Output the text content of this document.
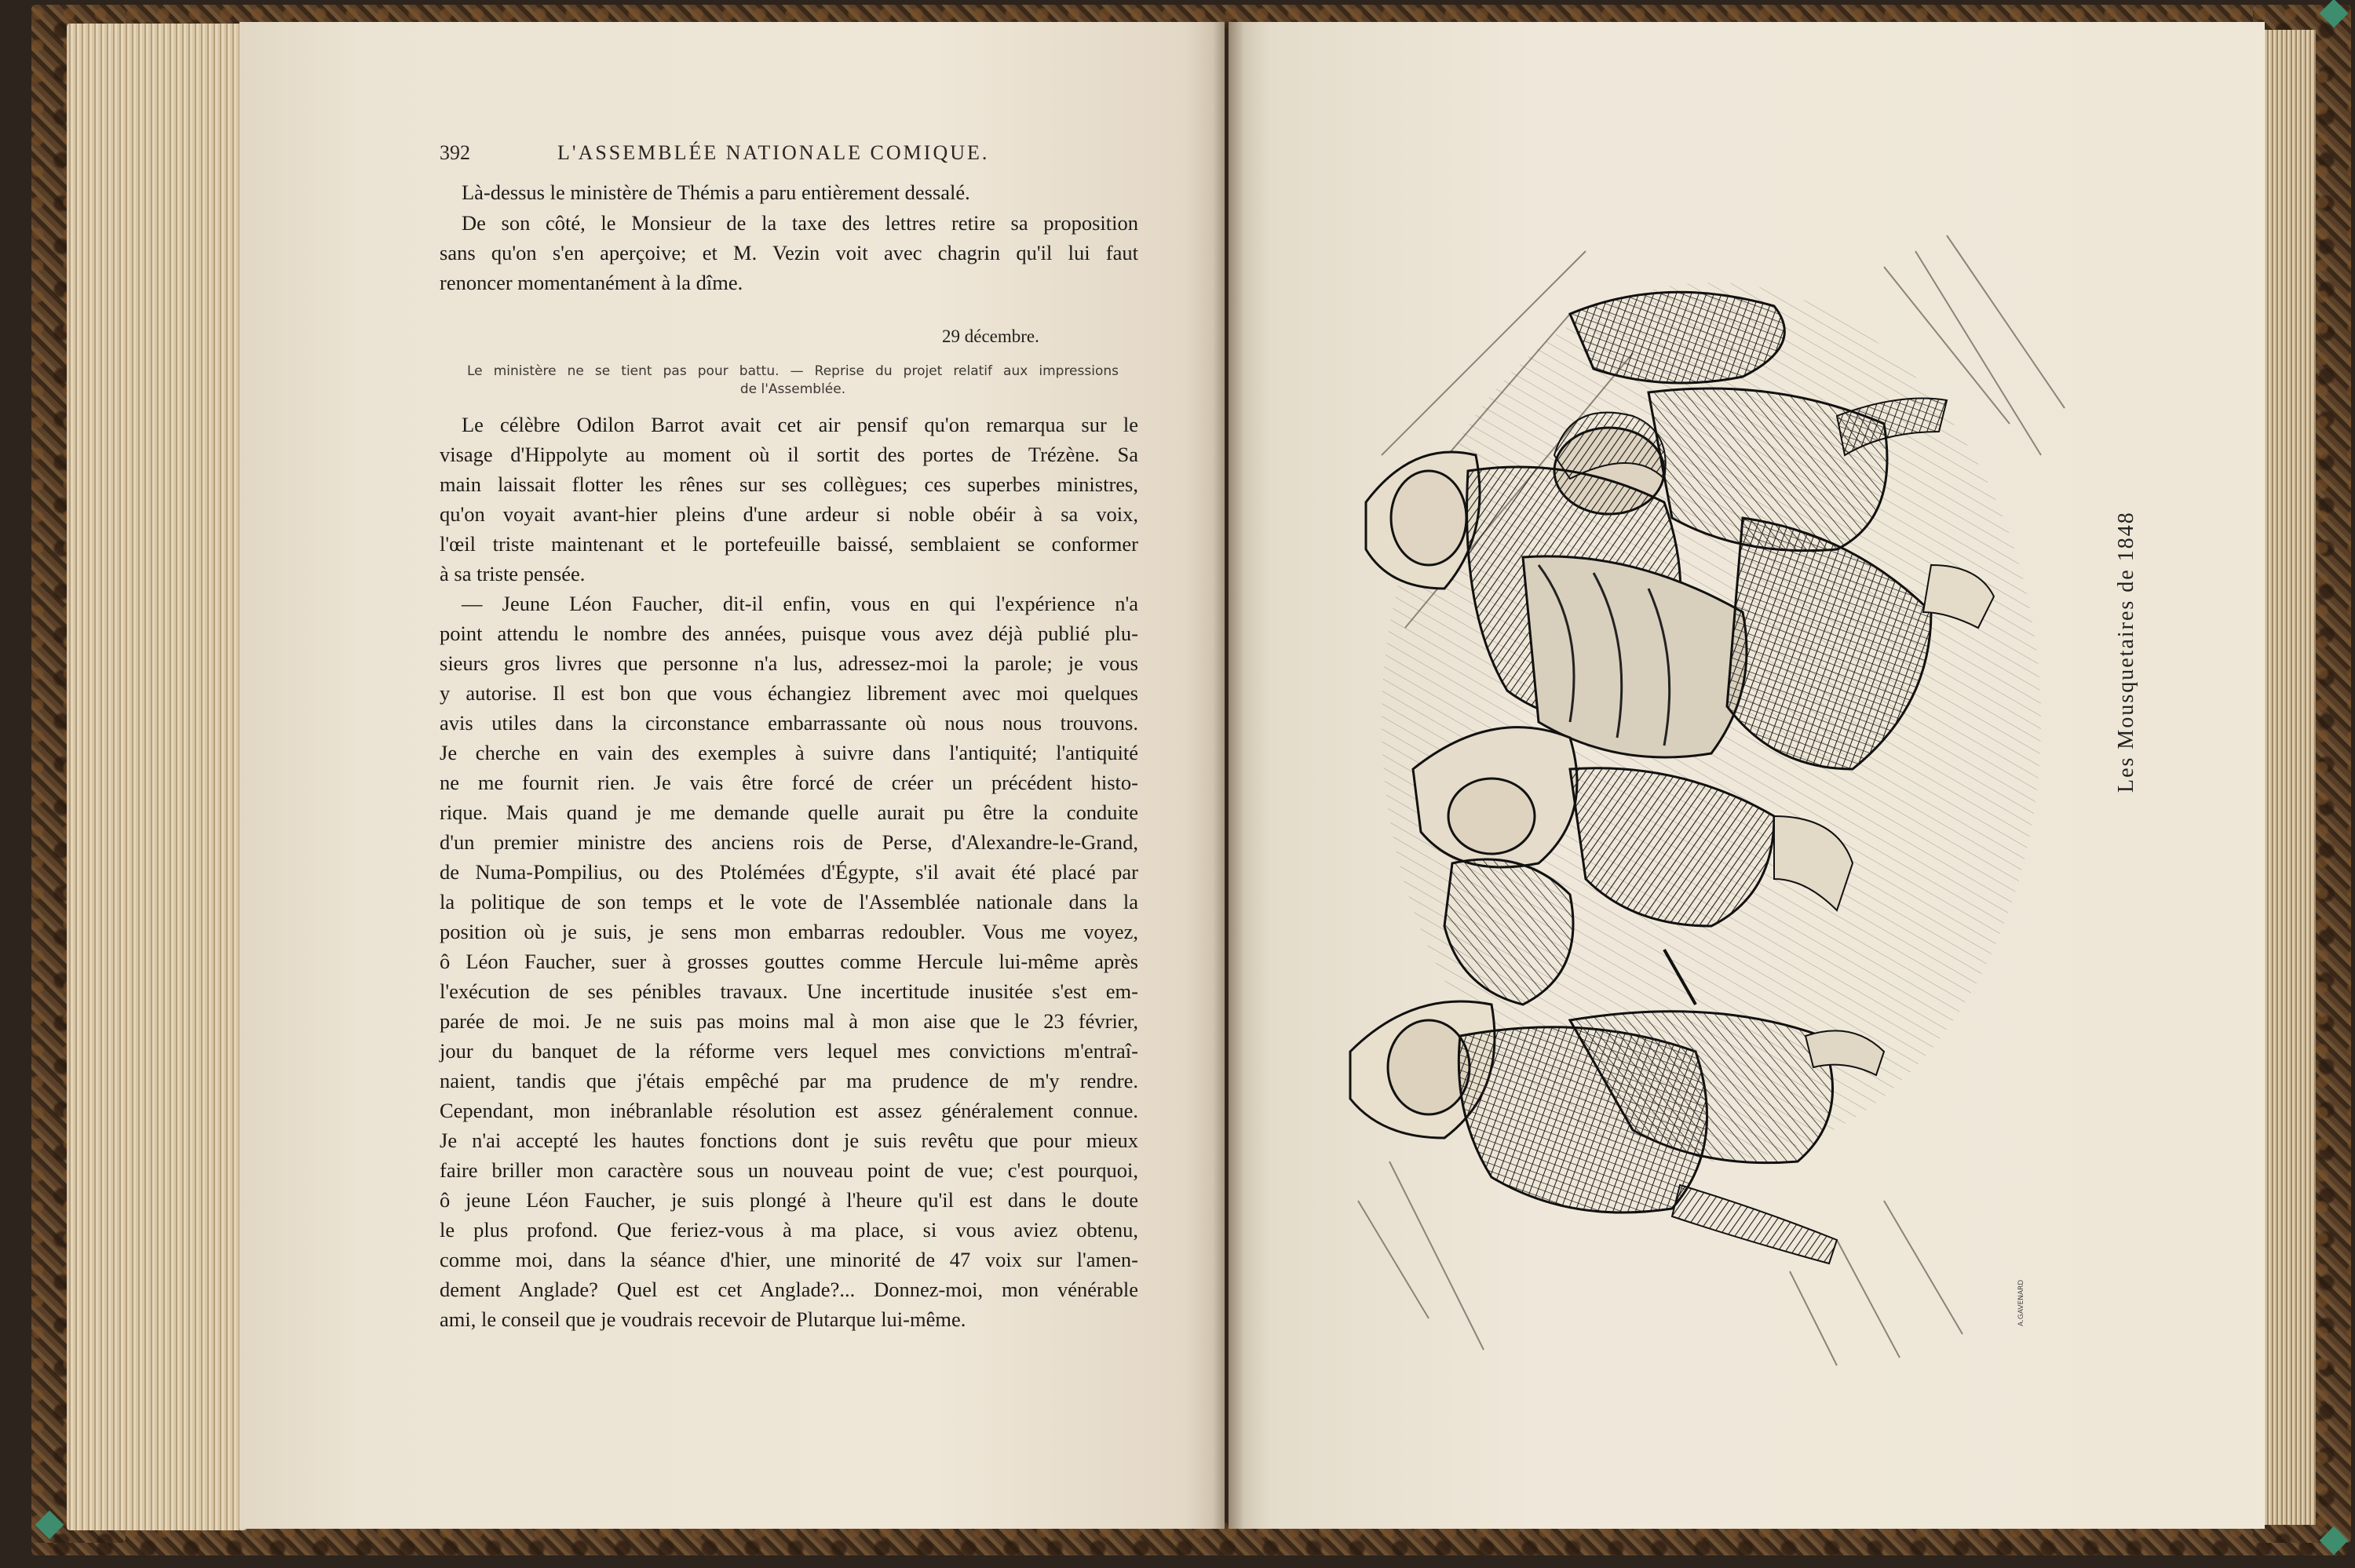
392	L'ASSEMBLÉE NATIONALE COMIQUE.
Là-dessus le ministère de Thémis a paru entièrement dessalé.
De son côté, le Monsieur de la taxe des lettres retire sa proposition
sans qu'on s'en aperçoive; et M. Vezin voit avec chagrin qu'il lui faut
renoncer momentanément à la dîme.
29 décembre.
Le ministère ne se tient pas pour battu. — Reprise du projet relatif aux impressions
de l'Assemblée.
Le célèbre Odilon Barrot avait cet air pensif qu'on remarqua sur le
visage d'Hippolyte au moment où il sortit des portes de Trézène. Sa
main laissait flotter les rênes sur ses collègues; ces superbes ministres,
qu'on voyait avant-hier pleins d'une ardeur si noble obéir à sa voix,
l'œil triste maintenant et le portefeuille baissé, semblaient se conformer
à sa triste pensée.
— Jeune Léon Faucher, dit-il enfin, vous en qui l'expérience n'a
point attendu le nombre des années, puisque vous avez déjà publié plu-
sieurs gros livres que personne n'a lus, adressez-moi la parole; je vous
y autorise. Il est bon que vous échangiez librement avec moi quelques
avis utiles dans la circonstance embarrassante où nous nous trouvons.
Je cherche en vain des exemples à suivre dans l'antiquité; l'antiquité
ne me fournit rien. Je vais être forcé de créer un précédent histo-
rique. Mais quand je me demande quelle aurait pu être la conduite
d'un premier ministre des anciens rois de Perse, d'Alexandre-le-Grand,
de Numa-Pompilius, ou des Ptolémées d'Égypte, s'il avait été placé par
la politique de son temps et le vote de l'Assemblée nationale dans la
position où je suis, je sens mon embarras redoubler. Vous me voyez,
ô Léon Faucher, suer à grosses gouttes comme Hercule lui-même après
l'exécution de ses pénibles travaux. Une incertitude inusitée s'est em-
parée de moi. Je ne suis pas moins mal à mon aise que le 23 février,
jour du banquet de la réforme vers lequel mes convictions m'entraî-
naient, tandis que j'étais empêché par ma prudence de m'y rendre.
Cependant, mon inébranlable résolution est assez généralement connue.
Je n'ai accepté les hautes fonctions dont je suis revêtu que pour mieux
faire briller mon caractère sous un nouveau point de vue; c'est pourquoi,
ô jeune Léon Faucher, je suis plongé à l'heure qu'il est dans le doute
le plus profond. Que feriez-vous à ma place, si vous aviez obtenu,
comme moi, dans la séance d'hier, une minorité de 47 voix sur l'amen-
dement Anglade? Quel est cet Anglade?... Donnez-moi, mon vénérable
ami, le conseil que je voudrais recevoir de Plutarque lui-même.
Les Mousquetaires de 1848
A.GAVENARD
